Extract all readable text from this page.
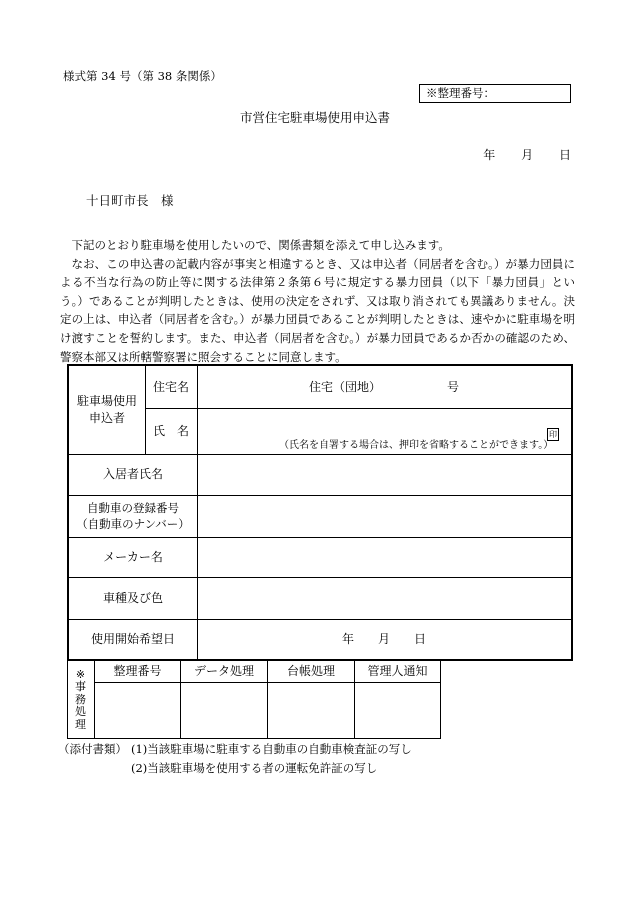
様式第 34 号（第 38 条関係）
※整理番号：
市営住宅駐車場使用申込書
年 月 日
十日町市長　様

下記のとおり駐車場を使用したいので、関係書類を添えて申し込みます。

なお、この申込書の記載内容が事実と相違するとき、又は申込者（同居者を含む。）が暴力団員による不当な行為の防止等に関する法律第２条第６号に規定する暴力団員（以下「暴力団員」という。）であることが判明したときは、使用の決定をされず、又は取り消されても異議ありません。決定の上は、申込者（同居者を含む。）が暴力団員であることが判明したときは、速やかに駐車場を明け渡すことを誓約します。また、申込者（同居者を含む。）が暴力団員であるか否かの確認のため、警察本部又は所轄警察署に照会することに同意します。

駐車場使用
申込者
住宅名	住宅（団地）　　　　　　号
氏　名	印
（氏名を自署する場合は、押印を省略することができます。）
入居者氏名
自動車の登録番号
（自動車のナンバー）
メーカー名
車種及び色
使用開始希望日	年　　月　　日
※
事
務
処
理
整理番号	データ処理	台帳処理	管理人通知
（添付書類） (1)当該駐車場に駐車する自動車の自動車検査証の写し
(2)当該駐車場を使用する者の運転免許証の写し
